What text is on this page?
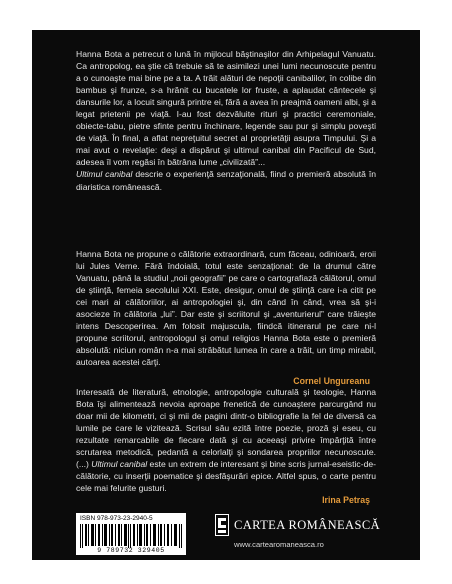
Hanna Bota a petrecut o lună în mijlocul băştinaşilor din Arhipelagul Vanuatu. Ca antropolog, ea ştie că trebuie să te asimilezi unei lumi necunoscute pentru a o cunoaşte mai bine pe a ta. A trăit alături de nepoţii canibalilor, în colibe din bambus şi frunze, s-a hrănit cu bucatele lor fruste, a aplaudat cântecele şi dansurile lor, a locuit singură printre ei, fără a avea în preajmă oameni albi, şi a legat prietenii pe viaţă. I-au fost dezvăluite rituri şi practici ceremoniale, obiecte-tabu, pietre sfinte pentru închinare, legende sau pur şi simplu poveşti de viaţă. În final, a aflat nepreţuitul secret al proprietăţii asupra Timpului. Şi a mai avut o revelaţie: deşi a dispărut şi ultimul canibal din Pacificul de Sud, adesea îl vom regăsi în bătrâna lume „civilizată”...

Ultimul canibal descrie o experienţă senzaţională, fiind o premieră absolută în diaristica românească.

Hanna Bota ne propune o călătorie extraordinară, cum făceau, odinioară, eroii lui Jules Verne. Fără îndoială, totul este senzaţional: de la drumul către Vanuatu, până la studiul „noii geografii” pe care o cartografiază călătorul, omul de ştiinţă, femeia secolului XXI. Este, desigur, omul de ştiinţă care i-a citit pe cei mari ai călătoriilor, ai antropologiei şi, din când în când, vrea să şi-i asocieze în călătoria „lui”. Dar este şi scriitorul şi „aventurierul” care trăieşte intens Descoperirea. Am folosit majuscula, fiindcă itinerarul pe care ni-l propune scriitorul, antropologul şi omul religios Hanna Bota este o premieră absolută: niciun român n-a mai străbătut lumea în care a trăit, un timp mirabil, autoarea acestei cărţi.

Cornel Ungureanu

Interesată de literatură, etnologie, antropologie culturală şi teologie, Hanna Bota îşi alimentează nevoia aproape frenetică de cunoaştere parcurgând nu doar mii de kilometri, ci şi mii de pagini dintr-o bibliografie la fel de diversă ca lumile pe care le vizitează. Scrisul său ezită între poezie, proză şi eseu, cu rezultate remarcabile de fiecare dată şi cu aceeaşi privire împărţită între scrutarea metodică, pedantă a celorlalţi şi sondarea propriilor necunoscute. (...) Ultimul canibal este un extrem de interesant şi bine scris jurnal-eseistic-de-călătorie, cu inserţii poematice şi desfăşurări epice. Altfel spus, o carte pentru cele mai felurite gusturi.

Irina Petraş
ISBN 978-973-23-2940-5
9 789732 329405
CARTEA ROMÂNEASCĂ
www.cartearomaneasca.ro
